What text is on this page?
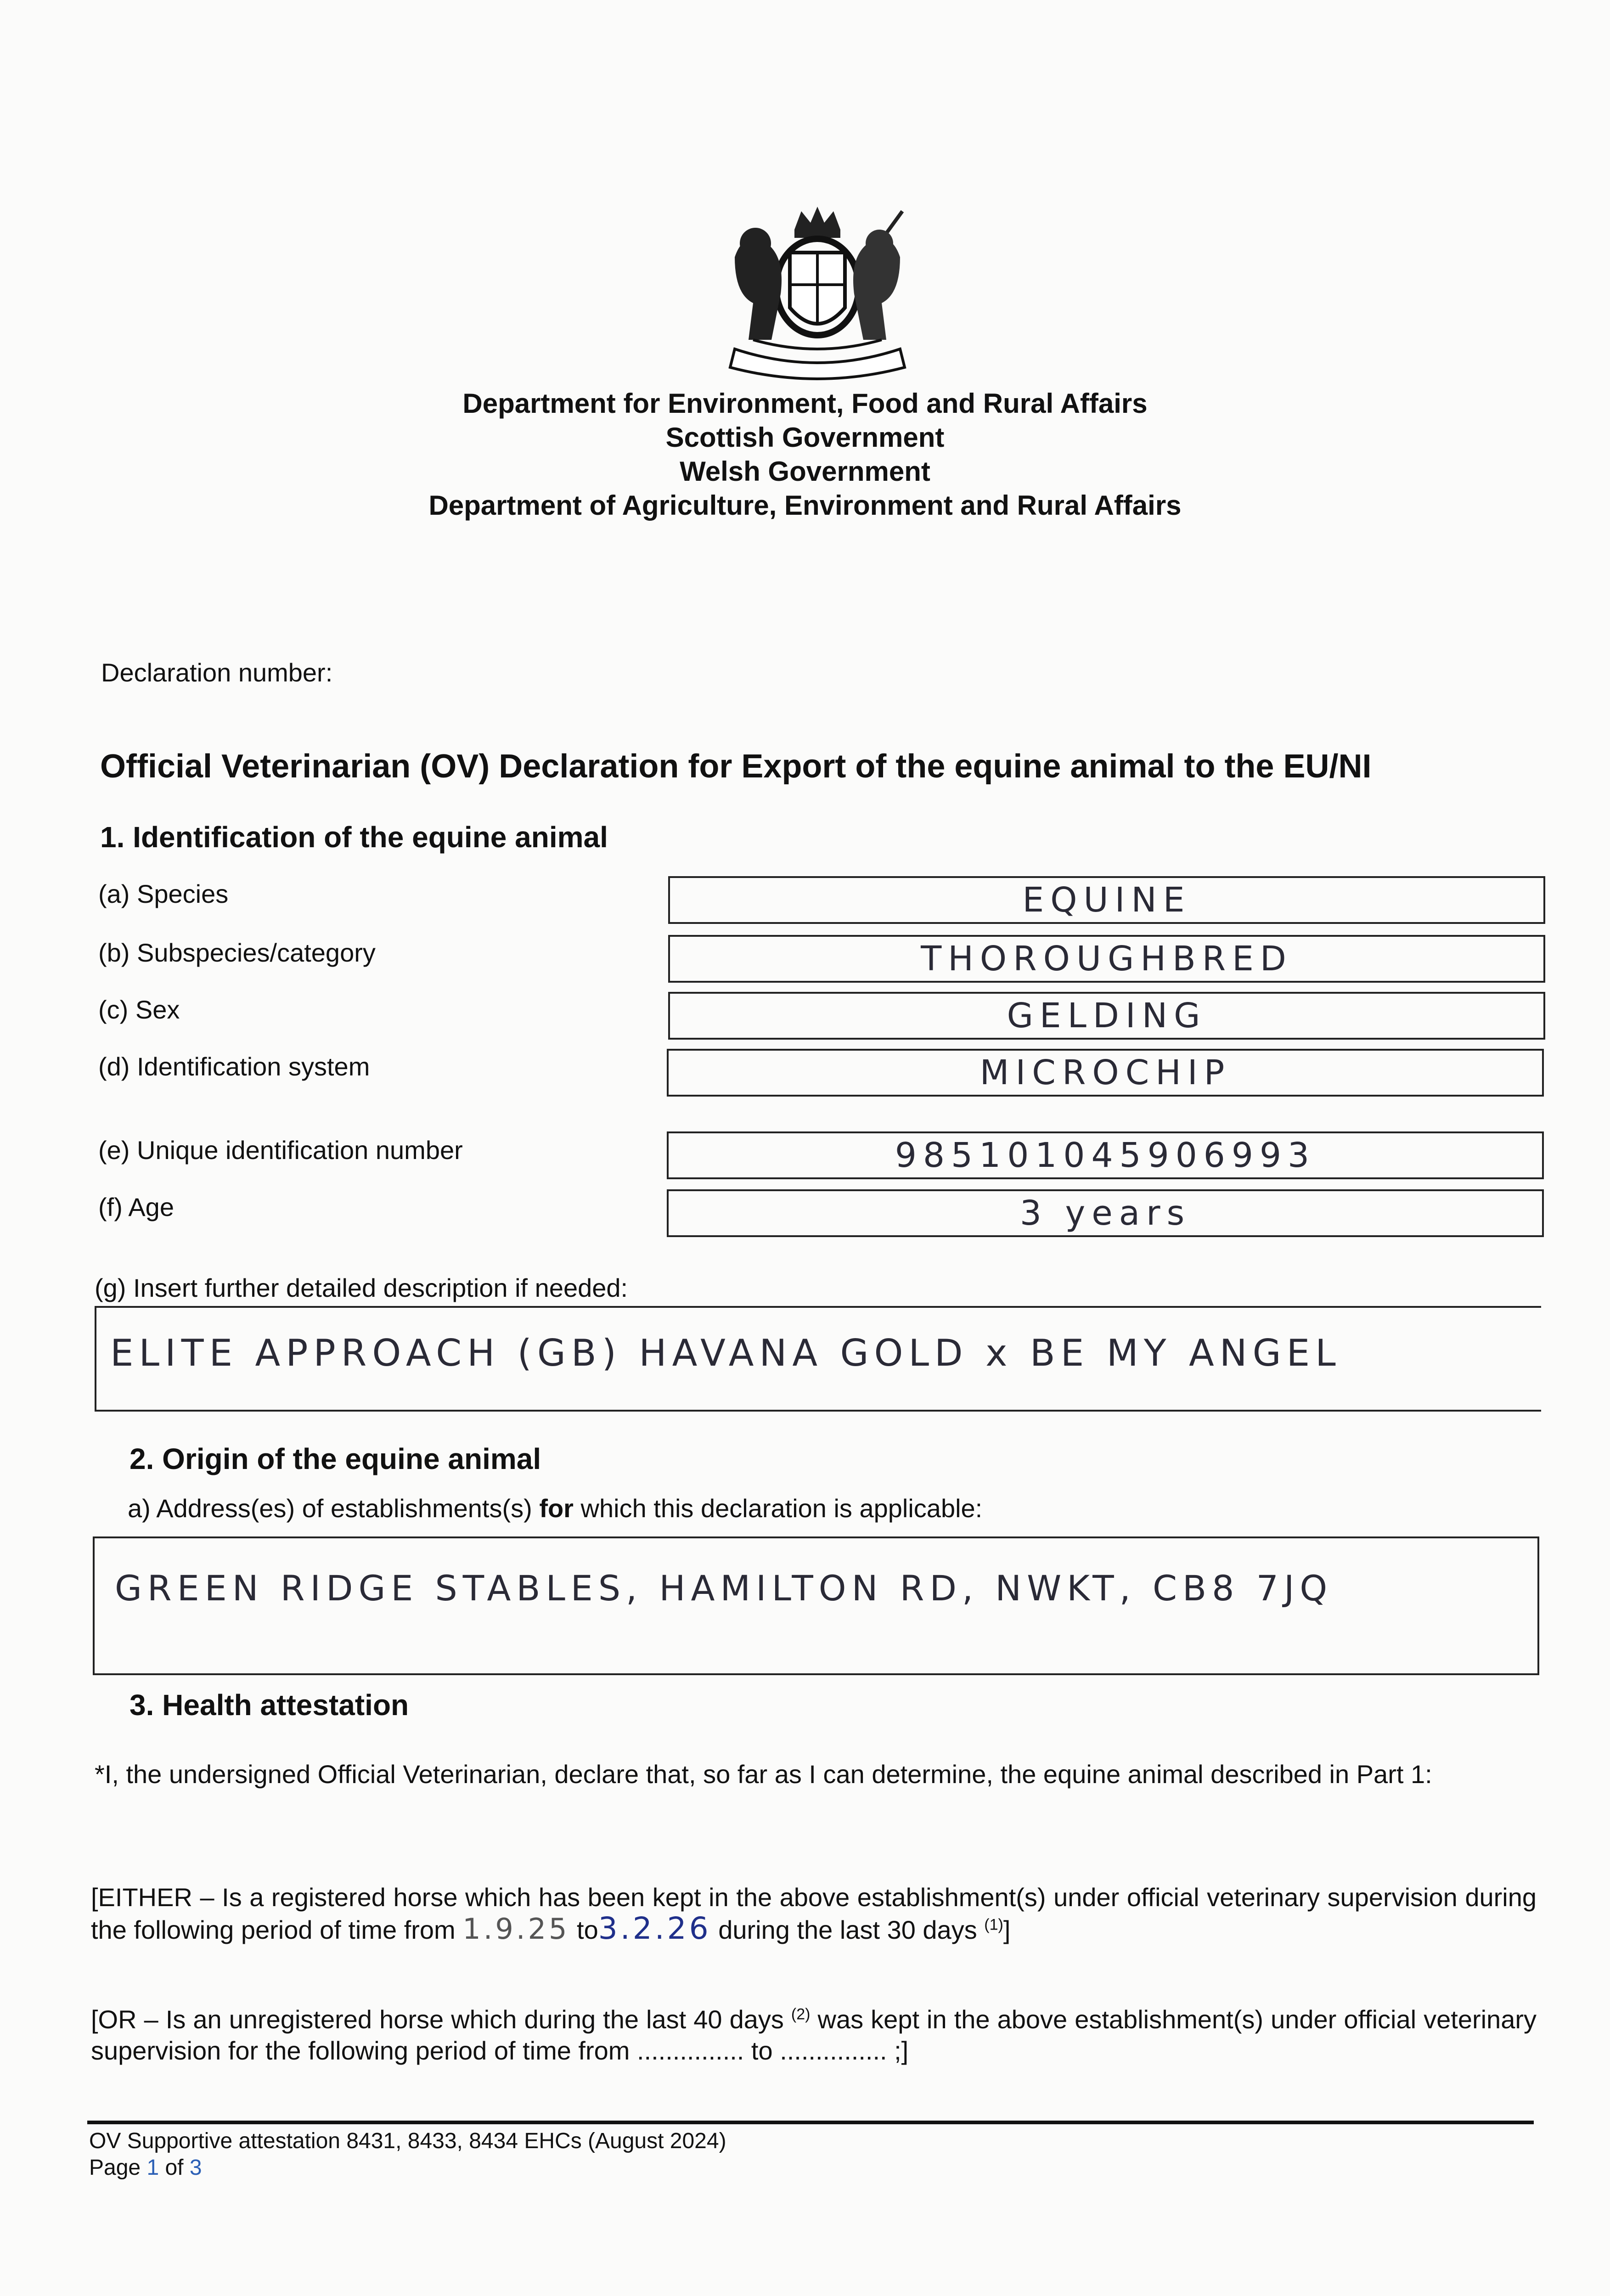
Department for Environment, Food and Rural Affairs
Scottish Government
Welsh Government
Department of Agriculture, Environment and Rural Affairs
Declaration number:
Official Veterinarian (OV) Declaration for Export of the equine animal to the EU/NI
1. Identification of the equine animal
(a) Species	EQUINE
(b) Subspecies/category	THOROUGHBRED
(c) Sex	GELDING
(d) Identification system	MICROCHIP
(e) Unique identification number	985101045906993
(f) Age	3 years
(g) Insert further detailed description if needed:
ELITE APPROACH (GB) HAVANA GOLD x BE MY ANGEL
2. Origin of the equine animal
a) Address(es) of establishments(s) for which this declaration is applicable:
GREEN RIDGE STABLES, HAMILTON RD, NWKT, CB8 7JQ
3. Health attestation
*I, the undersigned Official Veterinarian, declare that, so far as I can determine, the equine animal described in Part 1:
[EITHER – Is a registered horse which has been kept in the above establishment(s) under official veterinary supervision during the following period of time from 1.9.25 to3.2.26 during the last 30 days $^{(1)}$]
[OR – Is an unregistered horse which during the last 40 days $^{(2)}$ was kept in the above establishment(s) under official veterinary supervision for the following period of time from ............... to ............... ;]
OV Supportive attestation 8431, 8433, 8434 EHCs (August 2024)
Page 1 of 3
